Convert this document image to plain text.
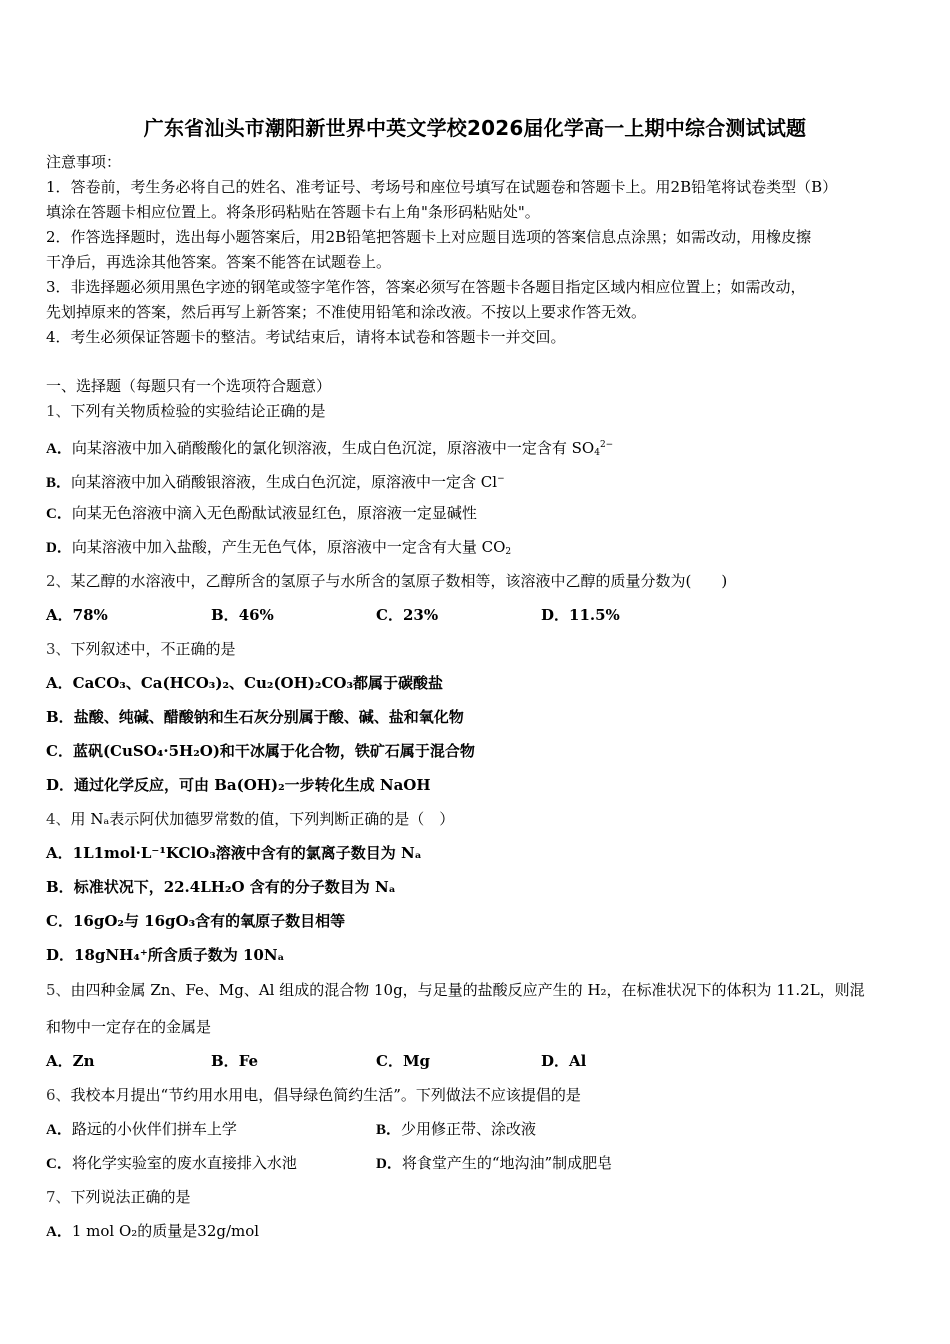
广东省汕头市潮阳新世界中英文学校2026届化学高一上期中综合测试试题
注意事项：
1．答卷前，考生务必将自己的姓名、准考证号、考场号和座位号填写在试题卷和答题卡上。用2B铅笔将试卷类型（B）
填涂在答题卡相应位置上。将条形码粘贴在答题卡右上角"条形码粘贴处"。
2．作答选择题时，选出每小题答案后，用2B铅笔把答题卡上对应题目选项的答案信息点涂黑；如需改动，用橡皮擦
干净后，再选涂其他答案。答案不能答在试题卷上。
3．非选择题必须用黑色字迹的钢笔或签字笔作答，答案必须写在答题卡各题目指定区域内相应位置上；如需改动，
先划掉原来的答案，然后再写上新答案；不准使用铅笔和涂改液。不按以上要求作答无效。
4．考生必须保证答题卡的整洁。考试结束后，请将本试卷和答题卡一并交回。
一、选择题（每题只有一个选项符合题意）
1、下列有关物质检验的实验结论正确的是
A．向某溶液中加入硝酸酸化的氯化钡溶液，生成白色沉淀，原溶液中一定含有 $SO_4^{2-}$
B．向某溶液中加入硝酸银溶液，生成白色沉淀，原溶液中一定含 Cl−
C．向某无色溶液中滴入无色酚酞试液显红色，原溶液一定显碱性
D．向某溶液中加入盐酸，产生无色气体，原溶液中一定含有大量 $CO_2$
2、某乙醇的水溶液中，乙醇所含的氢原子与水所含的氢原子数相等，该溶液中乙醇的质量分数为(　　)
A．78%	B．46%	C．23%	D．11.5%
3、下列叙述中，不正确的是
A．CaCO₃、Ca(HCO₃)₂、Cu₂(OH)₂CO₃都属于碳酸盐
B．盐酸、纯碱、醋酸钠和生石灰分别属于酸、碱、盐和氧化物
C．蓝矾(CuSO₄·5H₂O)和干冰属于化合物，铁矿石属于混合物
D．通过化学反应，可由 Ba(OH)₂一步转化生成 NaOH
4、用 Nₐ表示阿伏加德罗常数的值，下列判断正确的是（　）
A．1L1mol·L⁻¹KClO₃溶液中含有的氯离子数目为 Nₐ
B．标准状况下，22.4LH₂O 含有的分子数目为 Nₐ
C．16gO₂与 16gO₃含有的氧原子数目相等
D．18gNH₄⁺所含质子数为 10Nₐ
5、由四种金属 Zn、Fe、Mg、Al 组成的混合物 10g，与足量的盐酸反应产生的 H₂，在标准状况下的体积为 11.2L，则混
和物中一定存在的金属是
A．Zn	B．Fe	C．Mg	D．Al
6、我校本月提出“节约用水用电，倡导绿色简约生活”。下列做法不应该提倡的是
A．路远的小伙伴们拼车上学	B．少用修正带、涂改液
C．将化学实验室的废水直接排入水池	D．将食堂产生的“地沟油”制成肥皂
7、下列说法正确的是
A．1 mol O₂的质量是32g/mol
